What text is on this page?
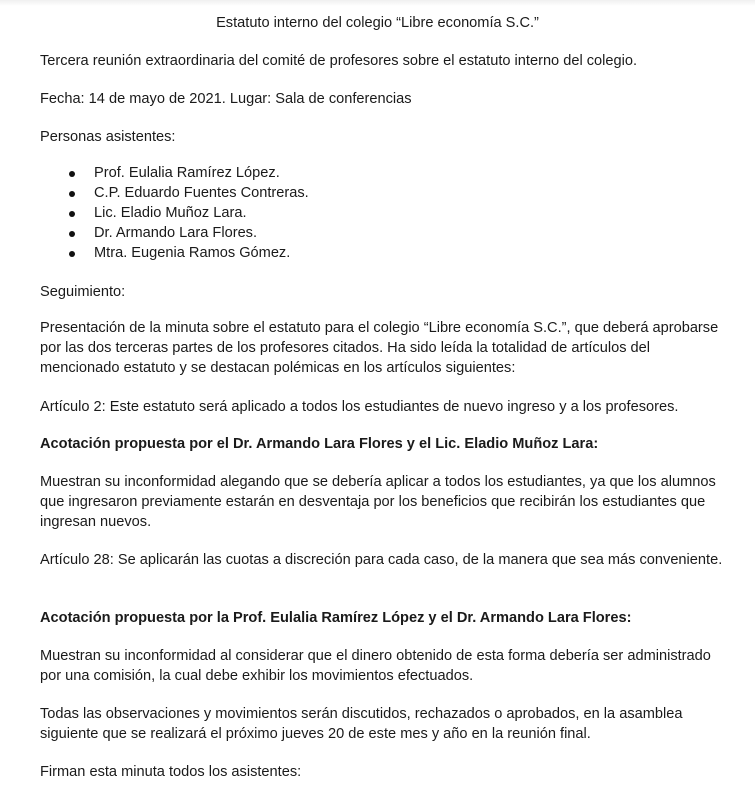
Estatuto interno del colegio “Libre economía S.C.”

Tercera reunión extraordinaria del comité de profesores sobre el estatuto interno del colegio.

Fecha: 14 de mayo de 2021. Lugar: Sala de conferencias

Personas asistentes:

Prof. Eulalia Ramírez López.
C.P. Eduardo Fuentes Contreras.
Lic. Eladio Muñoz Lara.
Dr. Armando Lara Flores.
Mtra. Eugenia Ramos Gómez.

Seguimiento:

Presentación de la minuta sobre el estatuto para el colegio “Libre economía S.C.”, que deberá aprobarse por las dos terceras partes de los profesores citados. Ha sido leída la totalidad de artículos del mencionado estatuto y se destacan polémicas en los artículos siguientes:

Artículo 2: Este estatuto será aplicado a todos los estudiantes de nuevo ingreso y a los profesores.

Acotación propuesta por el Dr. Armando Lara Flores y el Lic. Eladio Muñoz Lara:

Muestran su inconformidad alegando que se debería aplicar a todos los estudiantes, ya que los alumnos que ingresaron previamente estarán en desventaja por los beneficios que recibirán los estudiantes que ingresan nuevos.

Artículo 28: Se aplicarán las cuotas a discreción para cada caso, de la manera que sea más conveniente.

Acotación propuesta por la Prof. Eulalia Ramírez López y el Dr. Armando Lara Flores:

Muestran su inconformidad al considerar que el dinero obtenido de esta forma debería ser administrado por una comisión, la cual debe exhibir los movimientos efectuados.

Todas las observaciones y movimientos serán discutidos, rechazados o aprobados, en la asamblea siguiente que se realizará el próximo jueves 20 de este mes y año en la reunión final.

Firman esta minuta todos los asistentes:
